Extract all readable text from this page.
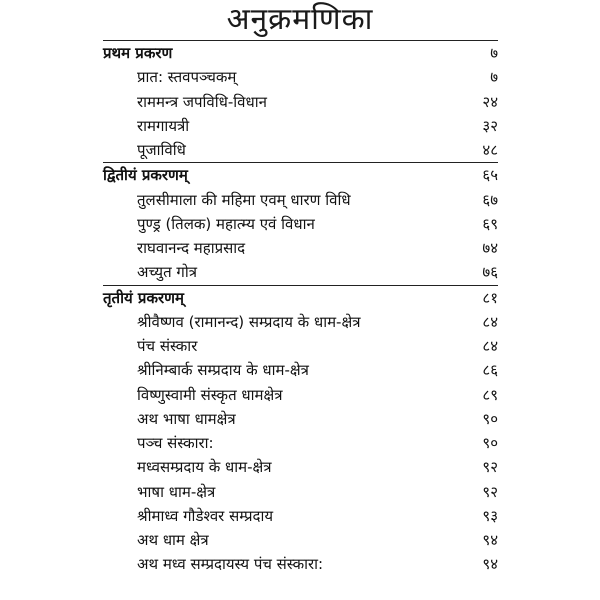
अनुक्रमणिका
प्रथम प्रकरण	७
प्रात: स्तवपञ्चकम्	७
राममन्त्र जपविधि-विधान	२४
रामगायत्री	३२
पूजाविधि	४८
द्वितीयं प्रकरणम्	६५
तुलसीमाला की महिमा एवम् धारण विधि	६७
पुण्ड्र (तिलक) महात्म्य एवं विधान	६९
राघवानन्द महाप्रसाद	७४
अच्युत गोत्र	७६
तृतीयं प्रकरणम्	८१
श्रीवैष्णव (रामानन्द) सम्प्रदाय के धाम-क्षेत्र	८४
पंच संस्कार	८४
श्रीनिम्बार्क सम्प्रदाय के धाम-क्षेत्र	८६
विष्णुस्वामी संस्कृत धामक्षेत्र	८९
अथ भाषा धामक्षेत्र	९०
पञ्च संस्कारा:	९०
मध्वसम्प्रदाय के धाम-क्षेत्र	९२
भाषा धाम-क्षेत्र	९२
श्रीमाध्व गौडेश्वर सम्प्रदाय	९३
अथ धाम क्षेत्र	९४
अथ मध्व सम्प्रदायस्य पंच संस्कारा:	९४
